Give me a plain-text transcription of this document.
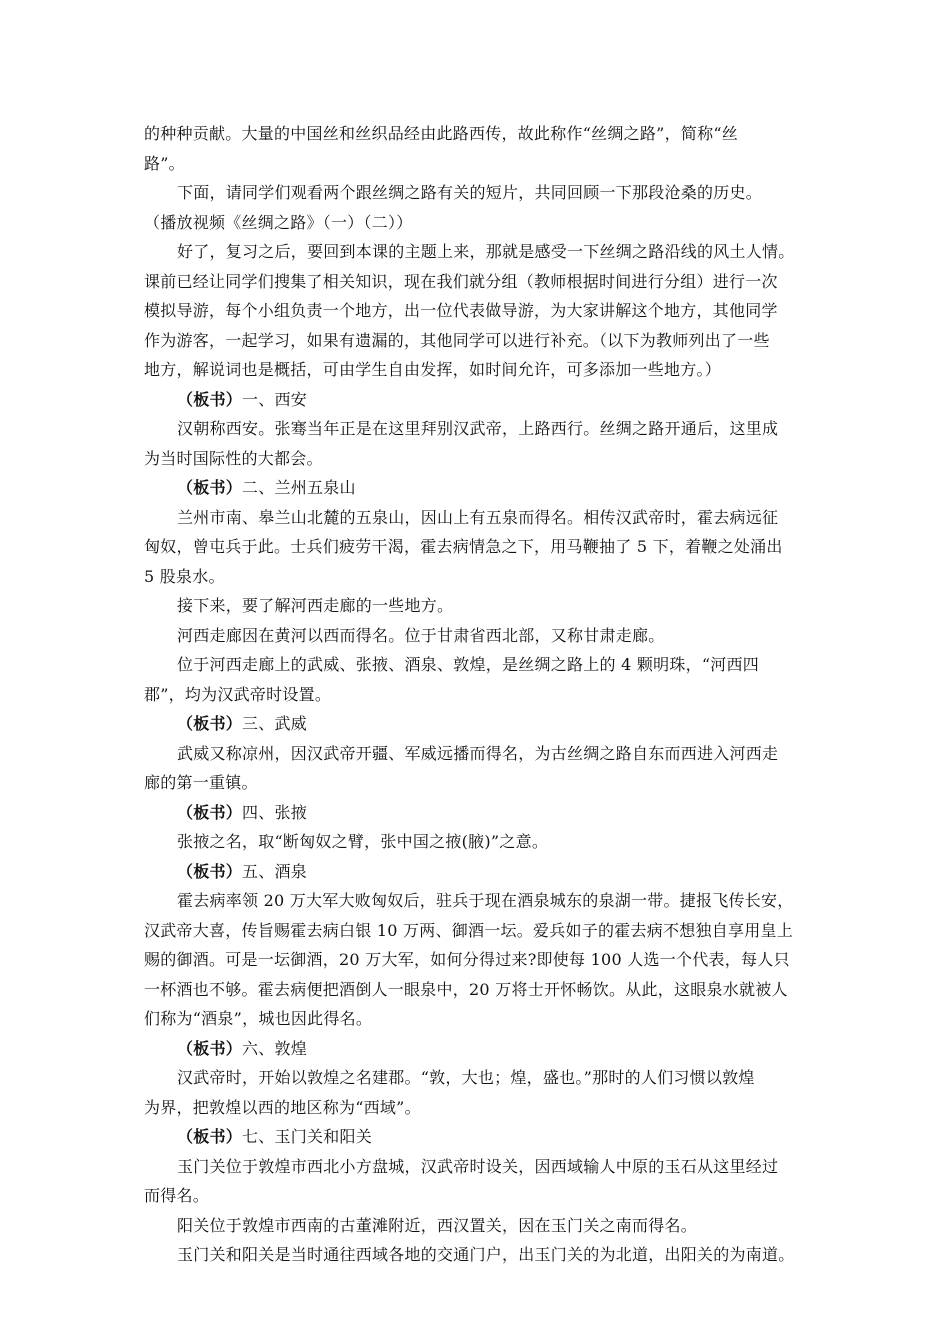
的种种贡献。大量的中国丝和丝织品经由此路西传，故此称作“丝绸之路”，简称“丝
路”。
下面，请同学们观看两个跟丝绸之路有关的短片，共同回顾一下那段沧桑的历史。
（播放视频《丝绸之路》（一）（二））
好了，复习之后，要回到本课的主题上来，那就是感受一下丝绸之路沿线的风土人情。
课前已经让同学们搜集了相关知识，现在我们就分组（教师根据时间进行分组）进行一次
模拟导游，每个小组负责一个地方，出一位代表做导游，为大家讲解这个地方，其他同学
作为游客，一起学习，如果有遗漏的，其他同学可以进行补充。（以下为教师列出了一些
地方，解说词也是概括，可由学生自由发挥，如时间允许，可多添加一些地方。）
（板书）一、西安
汉朝称西安。张骞当年正是在这里拜别汉武帝，上路西行。丝绸之路开通后，这里成
为当时国际性的大都会。
（板书）二、兰州五泉山
兰州市南、皋兰山北麓的五泉山，因山上有五泉而得名。相传汉武帝时，霍去病远征
匈奴，曾屯兵于此。士兵们疲劳干渴，霍去病情急之下，用马鞭抽了 5 下，着鞭之处涌出
5 股泉水。
接下来，要了解河西走廊的一些地方。
河西走廊因在黄河以西而得名。位于甘肃省西北部，又称甘肃走廊。
位于河西走廊上的武威、张掖、酒泉、敦煌，是丝绸之路上的 4 颗明珠，“河西四
郡”，均为汉武帝时设置。
（板书）三、武威
武威又称凉州，因汉武帝开疆、军威远播而得名，为古丝绸之路自东而西进入河西走
廊的第一重镇。
（板书）四、张掖
张掖之名，取“断匈奴之臂，张中国之掖(腋)”之意。
（板书）五、酒泉
霍去病率领 20 万大军大败匈奴后，驻兵于现在酒泉城东的泉湖一带。捷报飞传长安，
汉武帝大喜，传旨赐霍去病白银 10 万两、御酒一坛。爱兵如子的霍去病不想独自享用皇上
赐的御酒。可是一坛御酒，20 万大军，如何分得过来?即使每 100 人选一个代表，每人只
一杯酒也不够。霍去病便把酒倒人一眼泉中，20 万将士开怀畅饮。从此，这眼泉水就被人
们称为“酒泉”，城也因此得名。
（板书）六、敦煌
汉武帝时，开始以敦煌之名建郡。“敦，大也；煌，盛也。”那时的人们习惯以敦煌
为界，把敦煌以西的地区称为“西域”。
（板书）七、玉门关和阳关
玉门关位于敦煌市西北小方盘城，汉武帝时设关，因西域输人中原的玉石从这里经过
而得名。
阳关位于敦煌市西南的古董滩附近，西汉置关，因在玉门关之南而得名。
玉门关和阳关是当时通往西域各地的交通门户，出玉门关的为北道，出阳关的为南道。
